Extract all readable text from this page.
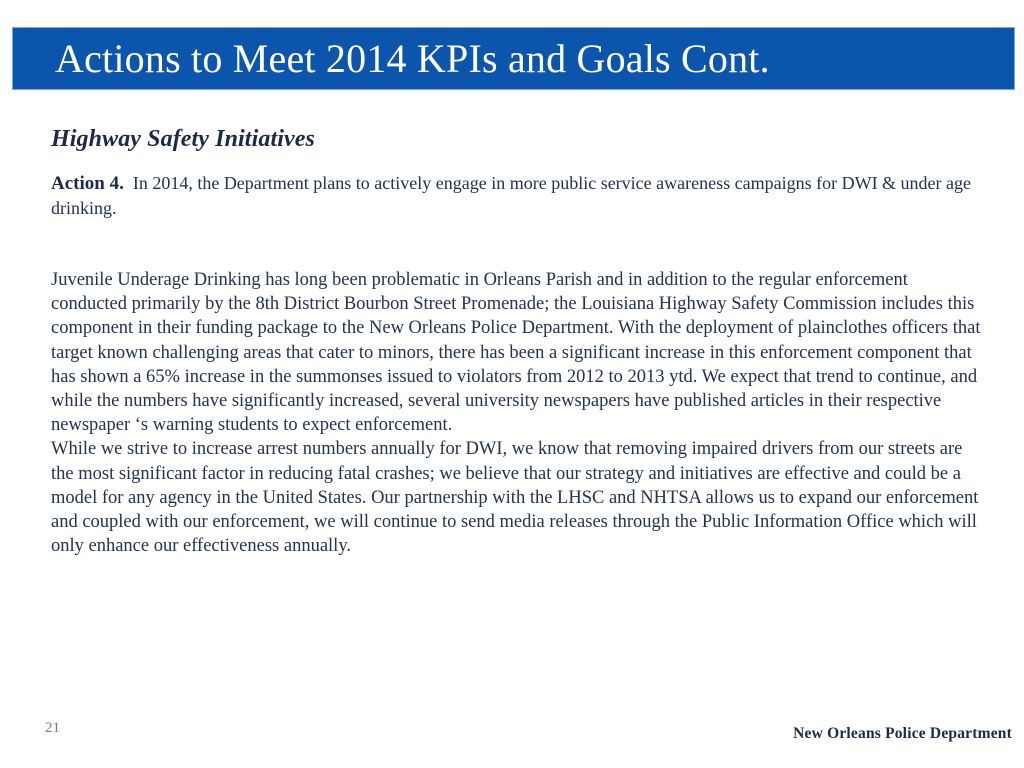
Actions to Meet 2014 KPIs and Goals Cont.
Highway Safety Initiatives

Action 4.  In 2014, the Department plans to actively engage in more public service awareness campaigns for DWI & under age drinking.

Juvenile Underage Drinking has long been problematic in Orleans Parish and in addition to the regular enforcement conducted primarily by the 8th District Bourbon Street Promenade; the Louisiana Highway Safety Commission includes this component in their funding package to the New Orleans Police Department. With the deployment of plainclothes officers that target known challenging areas that cater to minors, there has been a significant increase in this enforcement component that has shown a 65% increase in the summonses issued to violators from 2012 to 2013 ytd. We expect that trend to continue, and while the numbers have significantly increased, several university newspapers have published articles in their respective newspaper ‘s warning students to expect enforcement.

While we strive to increase arrest numbers annually for DWI, we know that removing impaired drivers from our streets are the most significant factor in reducing fatal crashes; we believe that our strategy and initiatives are effective and could be a model for any agency in the United States. Our partnership with the LHSC and NHTSA allows us to expand our enforcement and coupled with our enforcement, we will continue to send media releases through the Public Information Office which will only enhance our effectiveness annually.

21	New Orleans Police Department
